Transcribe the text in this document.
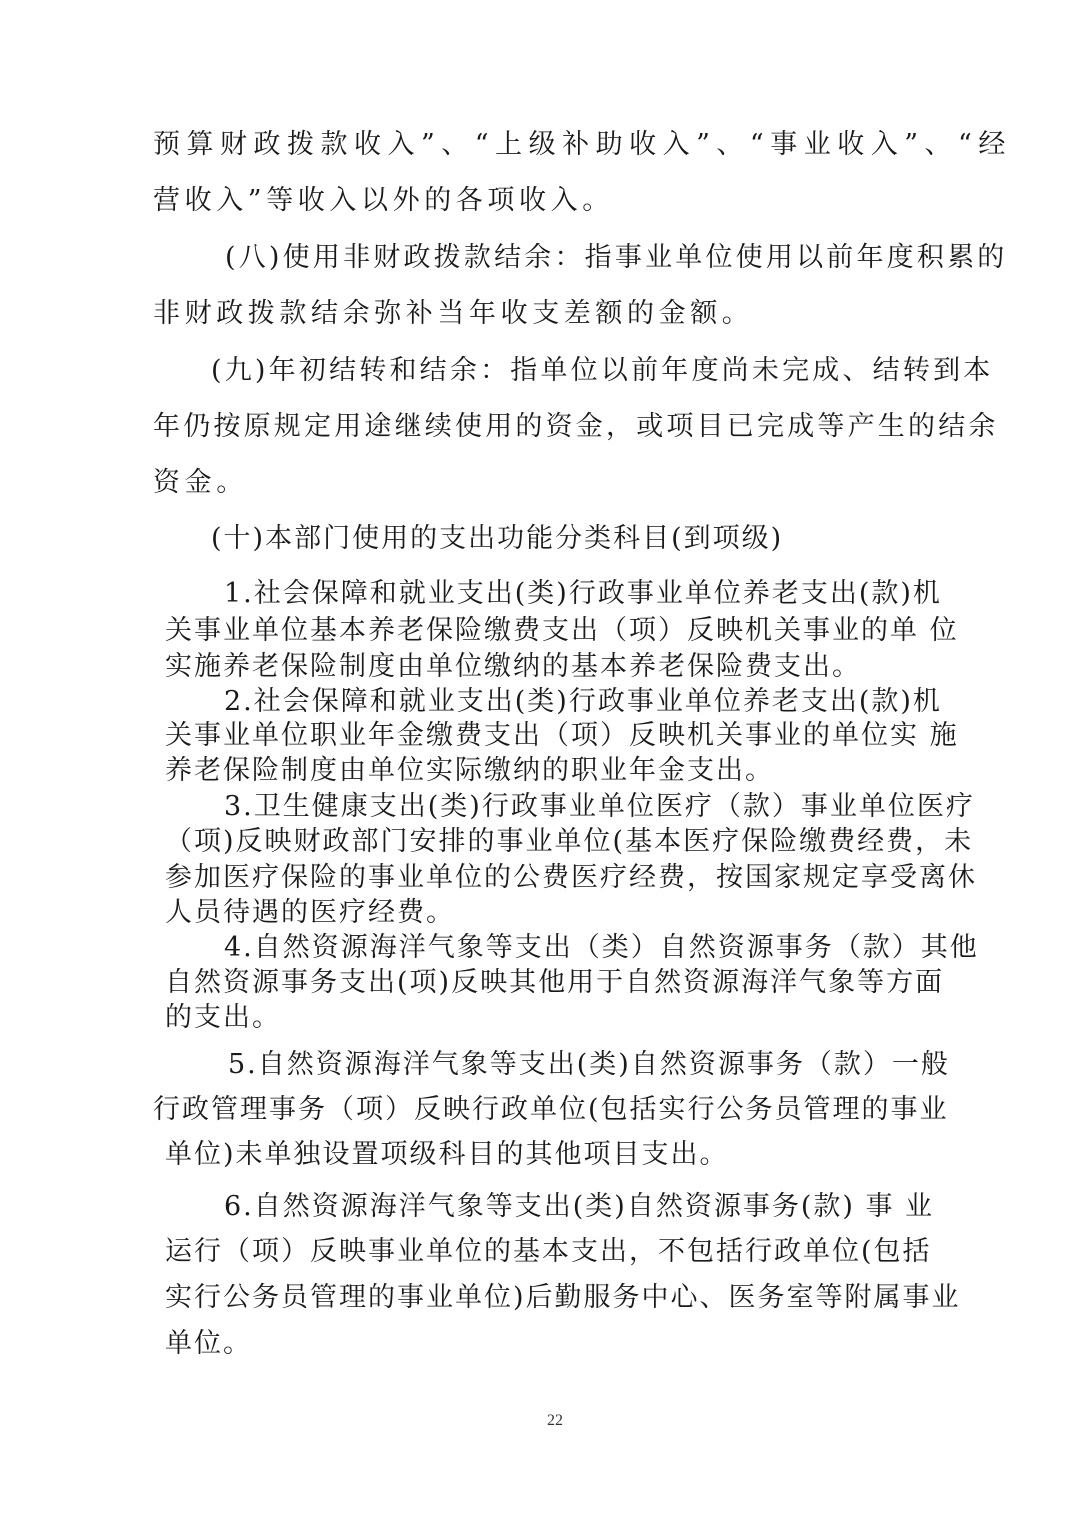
预算财政拨款收入”、“上级补助收入”、“事业收入”、“经
营收入”等收入以外的各项收入。
(八)使用非财政拨款结余：指事业单位使用以前年度积累的
非财政拨款结余弥补当年收支差额的金额。
(九)年初结转和结余：指单位以前年度尚未完成、结转到本
年仍按原规定用途继续使用的资金，或项目已完成等产生的结余
资金。
(十)本部门使用的支出功能分类科目(到项级)
1.社会保障和就业支出(类)行政事业单位养老支出(款)机
关事业单位基本养老保险缴费支出（项）反映机关事业的单 位
实施养老保险制度由单位缴纳的基本养老保险费支出。
2.社会保障和就业支出(类)行政事业单位养老支出(款)机
关事业单位职业年金缴费支出（项）反映机关事业的单位实 施
养老保险制度由单位实际缴纳的职业年金支出。
3.卫生健康支出(类)行政事业单位医疗（款）事业单位医疗
（项)反映财政部门安排的事业单位(基本医疗保险缴费经费，未
参加医疗保险的事业单位的公费医疗经费，按国家规定享受离休
人员待遇的医疗经费。
4.自然资源海洋气象等支出（类）自然资源事务（款）其他
自然资源事务支出(项)反映其他用于自然资源海洋气象等方面
的支出。
5.自然资源海洋气象等支出(类)自然资源事务（款）一般
行政管理事务（项）反映行政单位(包括实行公务员管理的事业
单位)未单独设置项级科目的其他项目支出。
6.自然资源海洋气象等支出(类)自然资源事务(款) 事 业
运行（项）反映事业单位的基本支出，不包括行政单位(包括
实行公务员管理的事业单位)后勤服务中心、医务室等附属事业
单位。
22
